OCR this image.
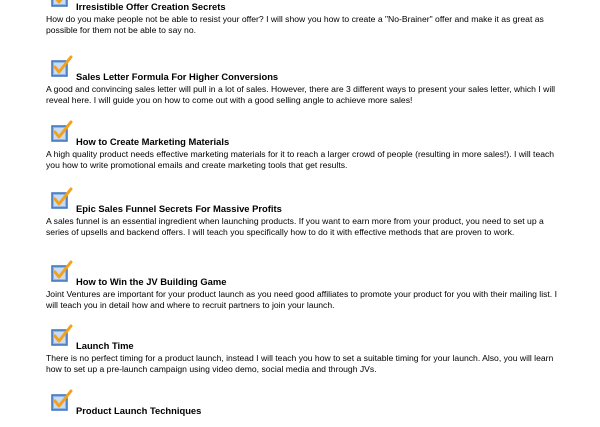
Irresistible Offer Creation Secrets

How do you make people not be able to resist your offer? I will show you how to create a "No-Brainer" offer and make it as great as possible for them not be able to say no.

Sales Letter Formula For Higher Conversions

A good and convincing sales letter will pull in a lot of sales. However, there are 3 different ways to present your sales letter, which I will reveal here. I will guide you on how to come out with a good selling angle to achieve more sales!

How to Create Marketing Materials

A high quality product needs effective marketing materials for it to reach a larger crowd of people (resulting in more sales!). I will teach you how to write promotional emails and create marketing tools that get results.

Epic Sales Funnel Secrets For Massive Profits

A sales funnel is an essential ingredient when launching products. If you want to earn more from your product, you need to set up a series of upsells and backend offers. I will teach you specifically how to do it with effective methods that are proven to work.

How to Win the JV Building Game

Joint Ventures are important for your product launch as you need good affiliates to promote your product for you with their mailing list. I will teach you in detail how and where to recruit partners to join your launch.

Launch Time

There is no perfect timing for a product launch, instead I will teach you how to set a suitable timing for your launch. Also, you will learn how to set up a pre-launch campaign using video demo, social media and through JVs.

Product Launch Techniques
